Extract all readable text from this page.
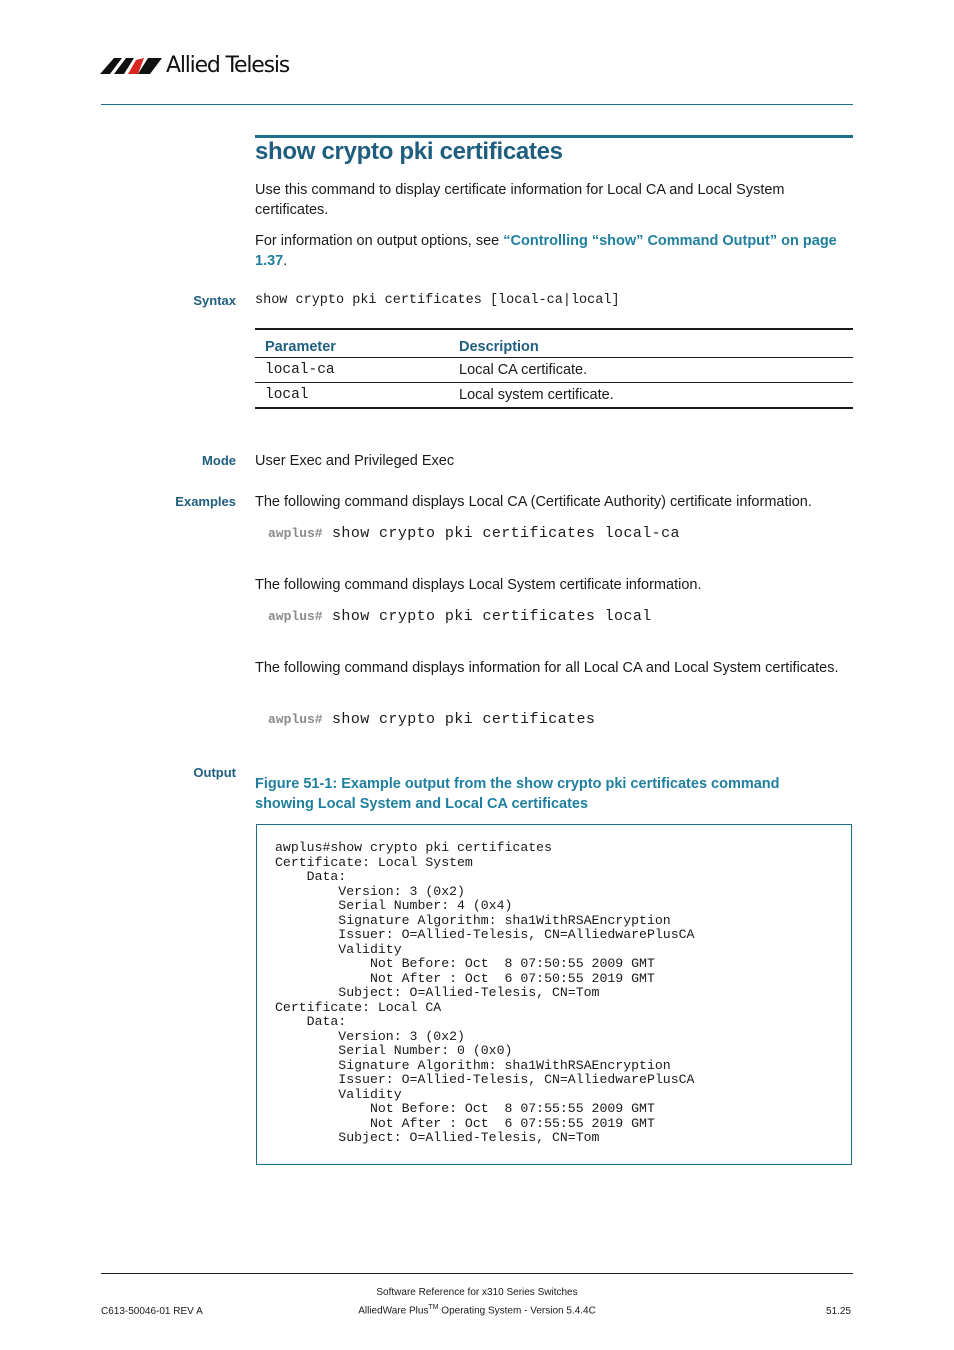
Allied Telesis
show crypto pki certificates
Use this command to display certificate information for Local CA and Local System certificates.
For information on output options, see “Controlling “show” Command Output” on page 1.37.
Syntax show crypto pki certificates [local-ca|local]
Parameter	Description
local-ca	Local CA certificate.
local	Local system certificate.
Mode User Exec and Privileged Exec
Examples The following command displays Local CA (Certificate Authority) certificate information.
awplus# show crypto pki certificates local-ca
The following command displays Local System certificate information.
awplus# show crypto pki certificates local
The following command displays information for all Local CA and Local System certificates.
awplus# show crypto pki certificates
Output
Figure 51-1: Example output from the show crypto pki certificates command showing Local System and Local CA certificates
awplus#show crypto pki certificates
Certificate: Local System
Data:
Version: 3 (0x2)
Serial Number: 4 (0x4)
Signature Algorithm: sha1WithRSAEncryption
Issuer: O=Allied-Telesis, CN=AlliedwarePlusCA
Validity
Not Before: Oct  8 07:50:55 2009 GMT
Not After : Oct  6 07:50:55 2019 GMT
Subject: O=Allied-Telesis, CN=Tom
Certificate: Local CA
Data:
Version: 3 (0x2)
Serial Number: 0 (0x0)
Signature Algorithm: sha1WithRSAEncryption
Issuer: O=Allied-Telesis, CN=AlliedwarePlusCA
Validity
Not Before: Oct  8 07:55:55 2009 GMT
Not After : Oct  6 07:55:55 2019 GMT
Subject: O=Allied-Telesis, CN=Tom
Software Reference for x310 Series Switches
C613-50046-01 REV A	AlliedWare Plus™ Operating System - Version 5.4.4C	51.25
